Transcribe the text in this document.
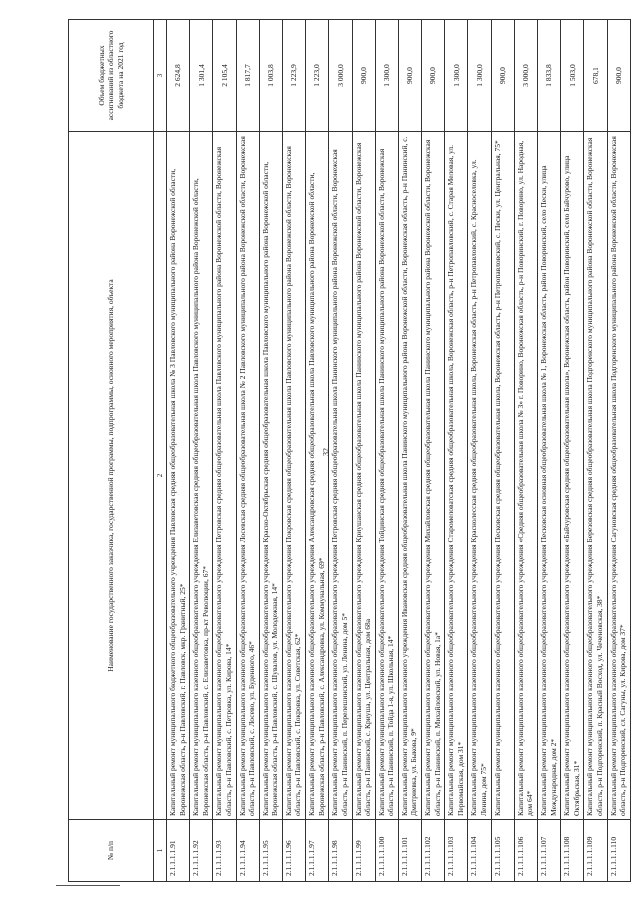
32
№ п/п	Наименование государственного заказчика, государственной программы, подпрограммы, основного мероприятия, объекта	Объем бюджетных ассигнований из областного бюджета на 2021 год
1	2	3
2.1.1.1.1.91	Капитальный ремонт муниципального бюджетного общеобразовательного учреждения Павловская средняя общеобразовательная школа № 3 Павловского муниципального района Воронежской области, Воронежская область, р-н Павловский, г. Павловск, мкр. Гранитный, 25*	2 624,8
2.1.1.1.1.92	Капитальный ремонт муниципального казенного общеобразовательного учреждения Елизаветовская средняя общеобразовательная школа Павловского муниципального района Воронежской области, Воронежская область, р-н Павловский, с. Елизаветовка, пр-кт Революции, 67*	1 301,4
2.1.1.1.1.93	Капитальный ремонт муниципального казенного общеобразовательного учреждения Петровская средняя общеобразовательная школа Павловского муниципального района Воронежской области, Воронежская область, р-н Павловский, с. Петровка, ул. Кирова, 14*	2 105,4
2.1.1.1.1.94	Капитальный ремонт муниципального казенного общеобразовательного учреждения Лосевская средняя общеобразовательная школа № 2 Павловского муниципального района Воронежской области, Воронежская область, р-н Павловский, с. Лосево, ул. Буденного, 46*	1 817,7
2.1.1.1.1.95	Капитальный ремонт муниципального казенного общеобразовательного учреждения Красно-Октябрьская средняя общеобразовательная школа Павловского муниципального района Воронежской области, Воронежская область, р-н Павловский, с. Шувалов, ул. Молодежная, 14*	1 003,8
2.1.1.1.1.96	Капитальный ремонт муниципального казенного общеобразовательного учреждения Покровская средняя общеобразовательная школа Павловского муниципального района Воронежской области, Воронежская область, р-н Павловский, с. Покровка, ул. Советская, 62*	1 223,9
2.1.1.1.1.97	Капитальный ремонт муниципального казенного общеобразовательного учреждения Александровская средняя общеобразовательная школа Павловского муниципального района Воронежской области, Воронежская область, р-н Павловский, с. Александровка, ул. Коммунальная, 69*	1 223,0
2.1.1.1.1.98	Капитальный ремонт муниципального казенного общеобразовательного учреждения Петровская средняя общеобразовательная школа Панинского муниципального района Воронежской области, Воронежская область, р-н Панинский, п. Перелешинский, ул. Ленина, дом 5*	3 000,0
2.1.1.1.1.99	Капитальный ремонт муниципального казенного общеобразовательного учреждения Криушанская средняя общеобразовательная школа Панинского муниципального района Воронежской области, Воронежская область, р-н Панинский, с. Криуша, ул. Центральная, дом 68а	900,0
2.1.1.1.1.100	Капитальный ремонт муниципального казенного общеобразовательного учреждения Тойдинская средняя общеобразовательная школа Панинского муниципального района Воронежской области, Воронежская область, р-н Панинский, п. Тойда 1-я, ул. Школьная, 14*	1 300,0
2.1.1.1.1.101	Капитальный ремонт муниципального казенного учреждения Ивановская средняя общеобразовательная школа Панинского муниципального района Воронежской области, Воронежская область, р-н Панинский, с. Дмитриевка, ул. Быкова, 9*	900,0
2.1.1.1.1.102	Капитальный ремонт муниципального казенного общеобразовательного учреждения Михайловская средняя общеобразовательная школа Панинского муниципального района Воронежской области, Воронежская область, р-н Панинский, п. Михайловский, ул. Новая, 1а*	900,0
2.1.1.1.1.103	Капитальный ремонт муниципального казенного общеобразовательного учреждения Старомеловатская средняя общеобразовательная школа, Воронежская область, р-н Петропавловский, с. Старая Меловая, ул. Первомайская, дом 31*	1 300,0
2.1.1.1.1.104	Капитальный ремонт муниципального казенного общеобразовательного учреждения Краснолесская средняя общеобразовательная школа, Воронежская область, р-н Петропавловский, с. Красноселовка, ул. Ленина, дом 75*	1 300,0
2.1.1.1.1.105	Капитальный ремонт муниципального казенного общеобразовательного учреждения Песковская средняя общеобразовательная школа, Воронежская область, р-н Петропавловский, с. Пески, ул. Центральная, 75*	900,0
2.1.1.1.1.106	Капитальный ремонт муниципального казенного общеобразовательного учреждения «Средняя общеобразовательная школа № 3» г. Поворино, Воронежская область, р-н Поворинский, г. Поворино, ул. Народная, дом 64*	3 000,0
2.1.1.1.1.107	Капитальный ремонт муниципального казенного общеобразовательного учреждения Песковская основная общеобразовательная школа № 1, Воронежская область, район Поворинский, село Пески, улица Международная, дом 2*	1 833,8
2.1.1.1.1.108	Капитальный ремонт муниципального казенного общеобразовательного учреждения «Байчуровская средняя общеобразовательная школа», Воронежская область, район Поворинский, село Байчурово, улица Октябрьская, 31*	1 503,0
2.1.1.1.1.109	Капитальный ремонт муниципального казенного общеобразовательного учреждения Березовская средняя общеобразовательная школа Подгоренского муниципального района Воронежской области, Воронежская область, р-н Подгоренский, п. Красный Восход, ул. Чеченовская, 38*	678,1
2.1.1.1.1.110	Капитальный ремонт муниципального казенного общеобразовательного учреждения Сагуновская средняя общеобразовательная школа Подгоренского муниципального района Воронежской области, Воронежская область, р-н Подгоренский, сл. Сагуны, ул. Кирова, дом 37*	900,0
